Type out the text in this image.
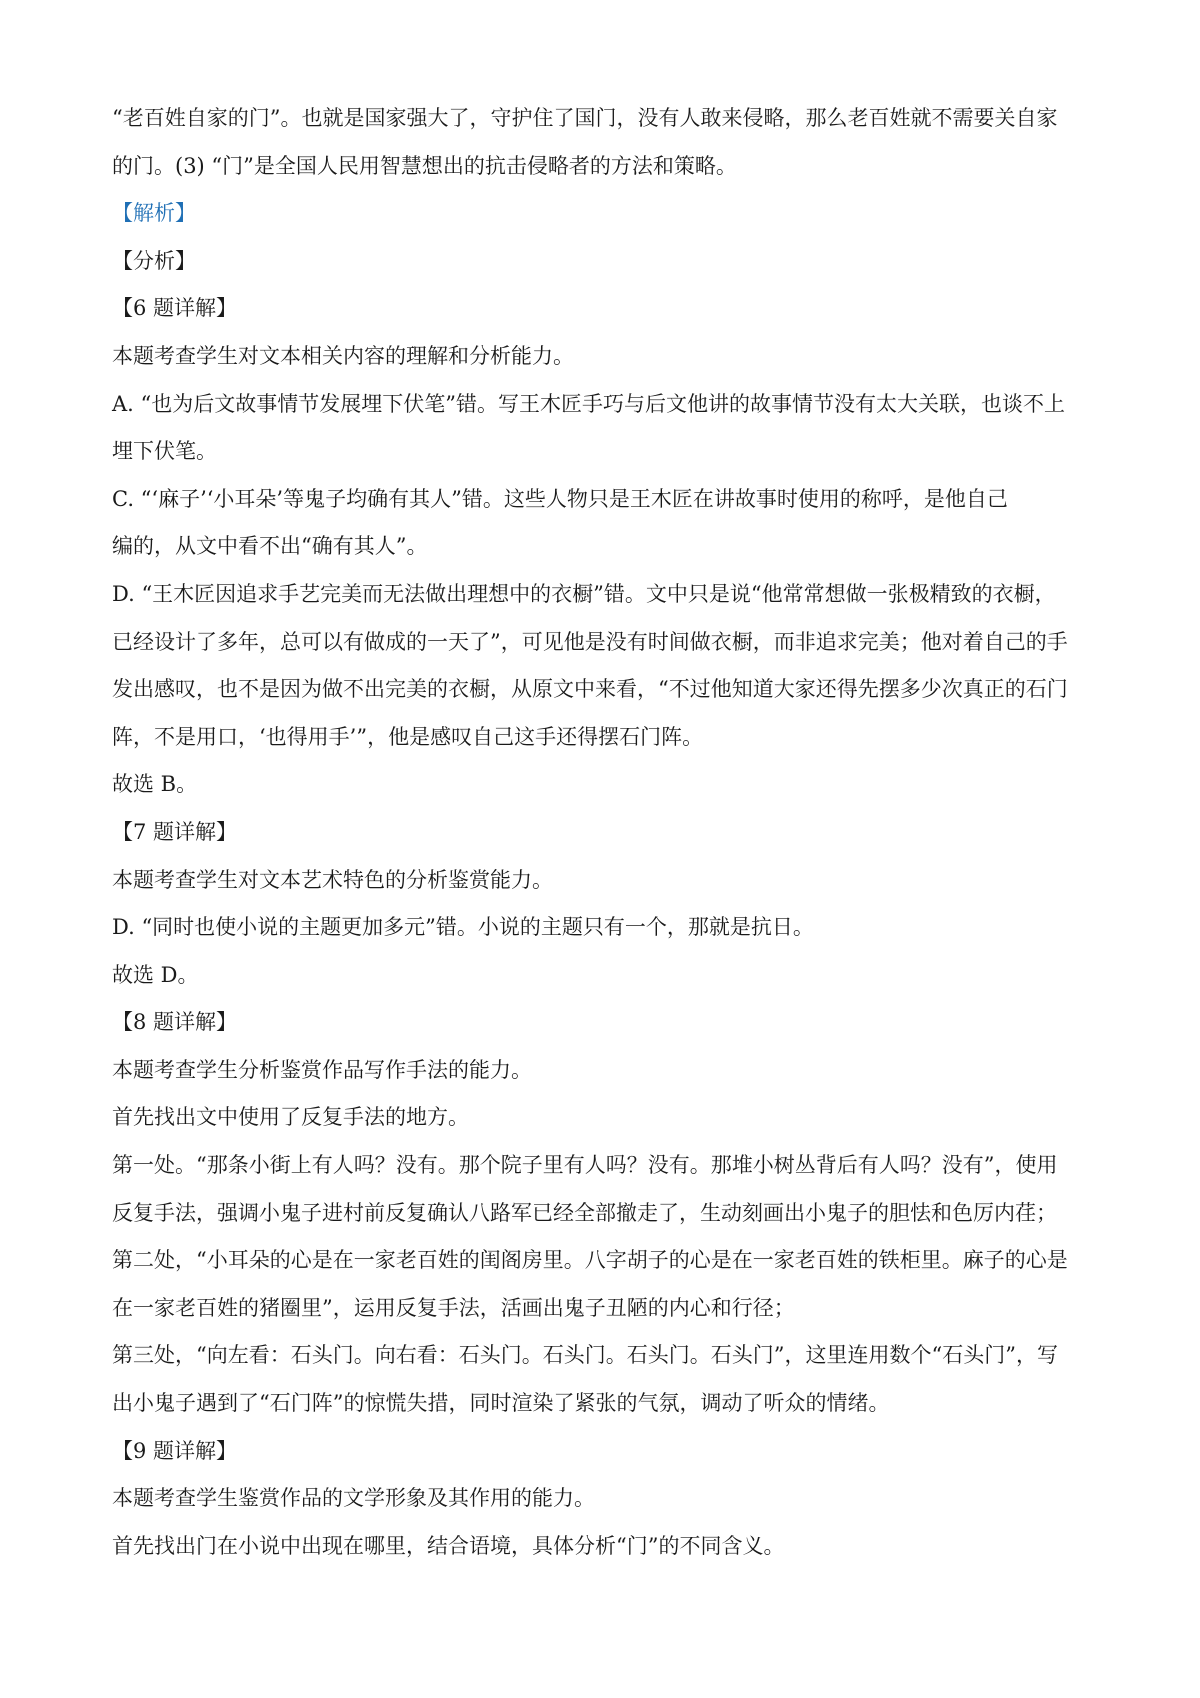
“老百姓自家的门”。也就是国家强大了，守护住了国门，没有人敢来侵略，那么老百姓就不需要关自家

的门。(3) “门”是全国人民用智慧想出的抗击侵略者的方法和策略。

【解析】

【分析】

【6 题详解】

本题考查学生对文本相关内容的理解和分析能力。

A. “也为后文故事情节发展埋下伏笔”错。写王木匠手巧与后文他讲的故事情节没有太大关联，也谈不上

埋下伏笔。

C. “‘麻子’‘小耳朵’等鬼子均确有其人”错。这些人物只是王木匠在讲故事时使用的称呼，是他自己

编的，从文中看不出“确有其人”。

D. “王木匠因追求手艺完美而无法做出理想中的衣橱”错。文中只是说“他常常想做一张极精致的衣橱，

已经设计了多年，总可以有做成的一天了”，可见他是没有时间做衣橱，而非追求完美；他对着自己的手

发出感叹，也不是因为做不出完美的衣橱，从原文中来看，“不过他知道大家还得先摆多少次真正的石门

阵，不是用口，‘也得用手’”，他是感叹自己这手还得摆石门阵。

故选 B。

【7 题详解】

本题考查学生对文本艺术特色的分析鉴赏能力。

D. “同时也使小说的主题更加多元”错。小说的主题只有一个，那就是抗日。

故选 D。

【8 题详解】

本题考查学生分析鉴赏作品写作手法的能力。

首先找出文中使用了反复手法的地方。

第一处。“那条小街上有人吗？没有。那个院子里有人吗？没有。那堆小树丛背后有人吗？没有”，使用

反复手法，强调小鬼子进村前反复确认八路军已经全部撤走了，生动刻画出小鬼子的胆怯和色厉内荏；

第二处，“小耳朵的心是在一家老百姓的闺阁房里。八字胡子的心是在一家老百姓的铁柜里。麻子的心是

在一家老百姓的猪圈里”，运用反复手法，活画出鬼子丑陋的内心和行径；

第三处，“向左看：石头门。向右看：石头门。石头门。石头门。石头门”，这里连用数个“石头门”，写

出小鬼子遇到了“石门阵”的惊慌失措，同时渲染了紧张的气氛，调动了听众的情绪。

【9 题详解】

本题考查学生鉴赏作品的文学形象及其作用的能力。

首先找出门在小说中出现在哪里，结合语境，具体分析“门”的不同含义。
